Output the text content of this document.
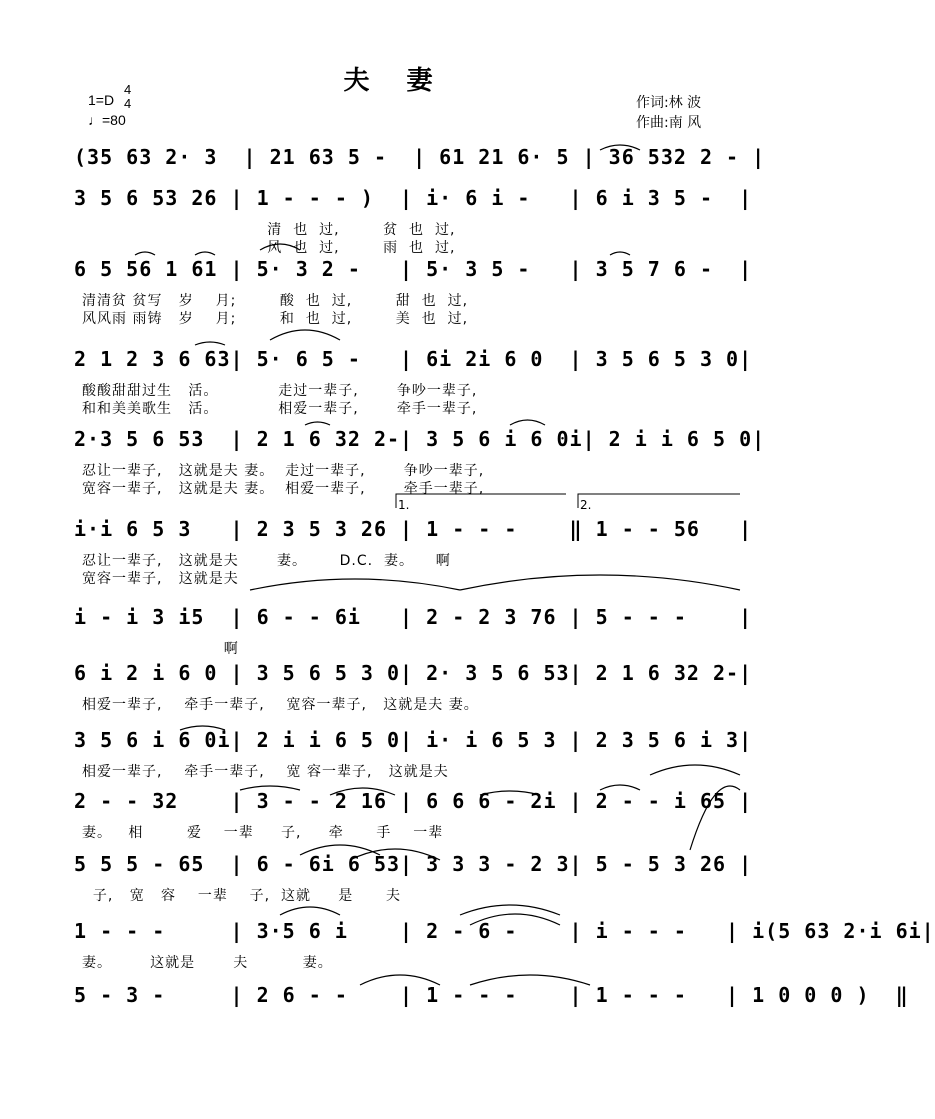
夫 妻
1=D
4
4
♩=80
作词:林 波
作曲:南 风
1.	2.
(35 63 2· 3  | 21 63 5 -  | 61 21 6· 5 | 36 532 2 - |
3 5 6 53 26 | 1 - - - )  | i· 6 i -   | 6 i 3 5 -  |
清  也  过,        贫  也  过,
风  也  过,        雨  也  过,
6 5 56 1 61 | 5· 3 2 -   | 5· 3 5 -   | 3 5 7 6 -  |
清清贫 贫写   岁    月;        酸  也  过,        甜  也  过,
风风雨 雨铸   岁    月;        和  也  过,        美  也  过,
2 1 2 3 6 63| 5· 6 5 -   | 6i 2i 6 0  | 3 5 6 5 3 0|
酸酸甜甜过生   活。           走过一辈子,       争吵一辈子,
和和美美歌生   活。           相爱一辈子,       牵手一辈子,
2·3 5 6 53  | 2 1 6 32 2-| 3 5 6 i 6 0i| 2 i i 6 5 0|
忍让一辈子,   这就是夫 妻。  走过一辈子,       争吵一辈子,
宽容一辈子,   这就是夫 妻。  相爱一辈子,       牵手一辈子,
i·i 6 5 3   | 2 3 5 3 26 | 1 - - -    ‖ 1 - - 56   |
忍让一辈子,   这就是夫       妻。      D.C.  妻。    啊
宽容一辈子,   这就是夫
i - i 3 i5  | 6 - - 6i   | 2 - 2 3 76 | 5 - - -    |
啊
6 i 2 i 6 0 | 3 5 6 5 3 0| 2· 3 5 6 53| 2 1 6 32 2-|
相爱一辈子,    牵手一辈子,    宽容一辈子,   这就是夫 妻。
3 5 6 i 6 0i| 2 i i 6 5 0| i· i 6 5 3 | 2 3 5 6 i 3|
相爱一辈子,    牵手一辈子,    宽 容一辈子,   这就是夫
2 - - 32    | 3 - - 2 16 | 6 6 6 - 2i | 2 - - i 65 |
妻。   相        爱    一辈     子,     牵      手    一辈
5 5 5 - 65  | 6 - 6i 6 53| 3 3 3 - 2 3| 5 - 5 3 26 |
子,   宽   容    一辈    子,  这就     是      夫
1 - - -     | 3·5 6 i    | 2 - 6 -    | i - - -   | i(5 63 2·i 6i|
妻。       这就是       夫          妻。
5 - 3 -     | 2 6 - -    | 1 - - -    | 1 - - -   | 1 0 0 0 )  ‖
